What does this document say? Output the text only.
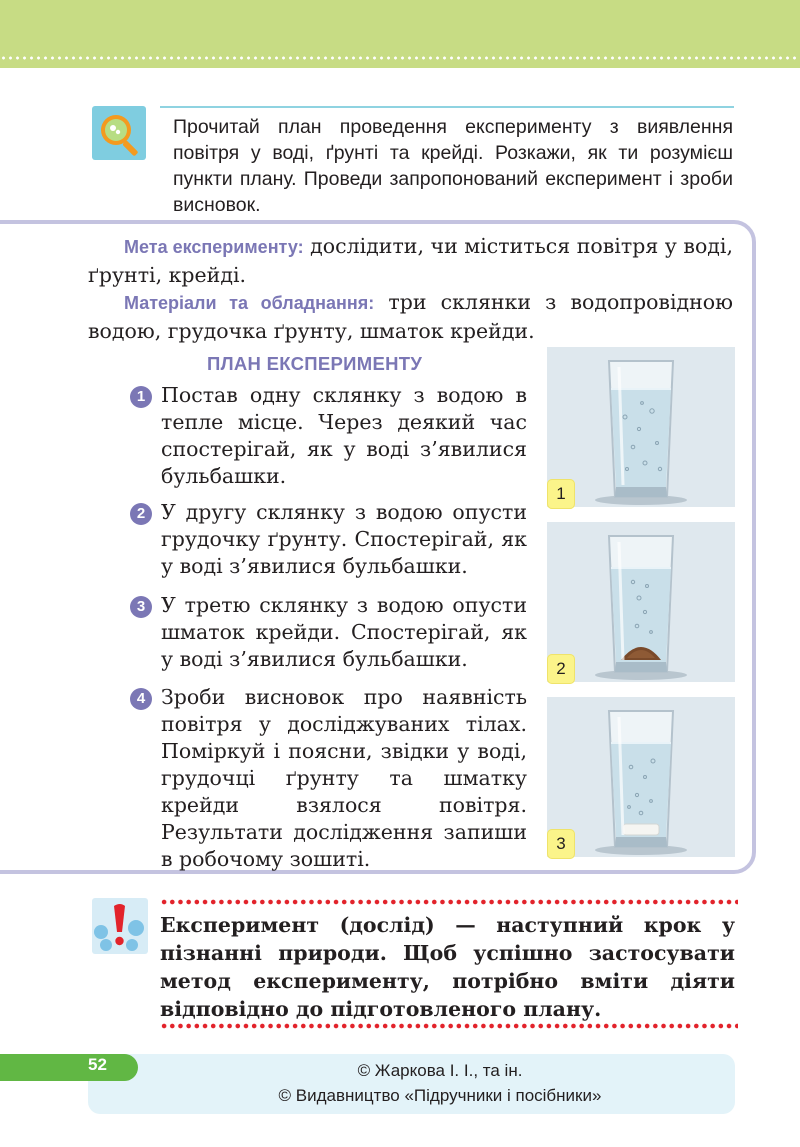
Прочитай план проведення експерименту з виявлення повітря у воді, ґрунті та крейді. Розкажи, як ти розумієш пункти плану. Проведи запропонований експеримент і зроби висновок.
Мета експерименту: дослідити, чи міститься повітря у воді, ґрунті, крейді.
Матеріали та обладнання: три склянки з водопровідною водою, грудочка ґрунту, шматок крейди.
ПЛАН ЕКСПЕРИМЕНТУ
1 Постав одну склянку з водою в тепле місце. Через деякий час спостерігай, як у воді з’явилися бульбашки.
2 У другу склянку з водою опусти грудочку ґрунту. Спостерігай, як у воді з’явилися бульбашки.
3 У третю склянку з водою опусти шматок крейди. Спостерігай, як у воді з’явилися бульбашки.
4 Зроби висновок про наявність повітря у досліджуваних тілах. Поміркуй і поясни, звідки у воді, грудочці ґрунту та шматку крейди взялося повітря. Результати дослідження запиши в робочому зошиті.
1
2
3
Експеримент (дослід) — наступний крок у пізнанні природи. Щоб успішно застосувати метод експерименту, потрібно вміти діяти відповідно до підготовленого плану.
52	© Жаркова І. І., та ін.
© Видавництво «Підручники і посібники»
